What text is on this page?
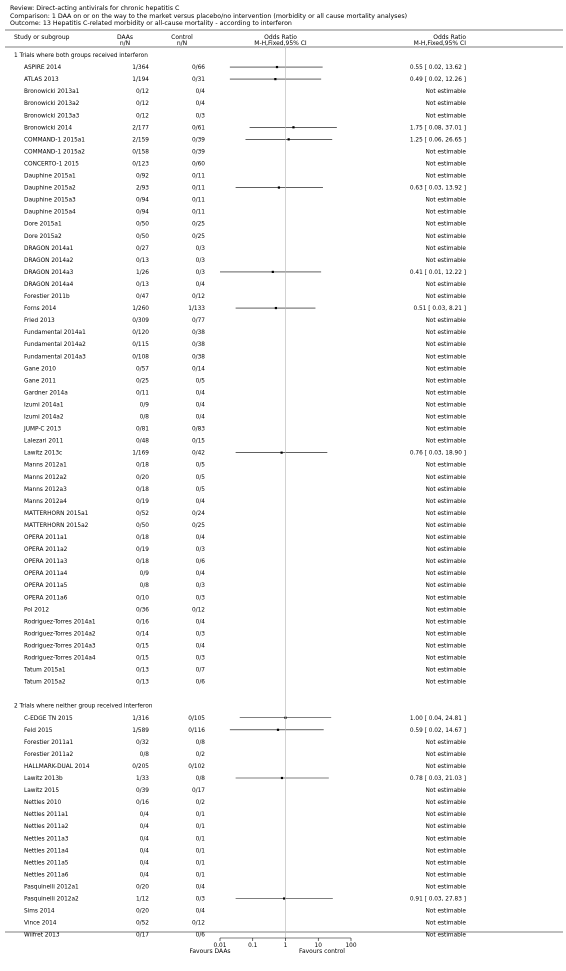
Review: Direct-acting antivirals for chronic hepatitis C
Comparison: 1 DAA on or on the way to the market versus placebo/no intervention (morbidity or all cause mortality analyses)
Outcome: 13 Hepatitis C-related morbidity or all-cause mortality - according to interferon
Study or subgroup	DAAs
n/N
Control
n/N
Odds Ratio
M-H,Fixed,95% CI
Odds Ratio
M-H,Fixed,95% CI
Favours DAAs	Favours control
1 Trials where both groups received interferon
ASPIRE 2014	1/364	0/66	0.55 [ 0.02, 13.62 ]
ATLAS 2013	1/194	0/31	0.49 [ 0.02, 12.26 ]
Bronowicki 2013a1	0/12	0/4	Not estimable
Bronowicki 2013a2	0/12	0/4	Not estimable
Bronowicki 2013a3	0/12	0/3	Not estimable
Bronowicki 2014	2/177	0/61	1.75 [ 0.08, 37.01 ]
COMMAND-1 2015a1	2/159	0/39	1.25 [ 0.06, 26.65 ]
COMMAND-1 2015a2	0/158	0/39	Not estimable
CONCERTO-1 2015	0/123	0/60	Not estimable
Dauphine 2015a1	0/92	0/11	Not estimable
Dauphine 2015a2	2/93	0/11	0.63 [ 0.03, 13.92 ]
Dauphine 2015a3	0/94	0/11	Not estimable
Dauphine 2015a4	0/94	0/11	Not estimable
Dore 2015a1	0/50	0/25	Not estimable
Dore 2015a2	0/50	0/25	Not estimable
DRAGON 2014a1	0/27	0/3	Not estimable
DRAGON 2014a2	0/13	0/3	Not estimable
DRAGON 2014a3	1/26	0/3	0.41 [ 0.01, 12.22 ]
DRAGON 2014a4	0/13	0/4	Not estimable
Forestier 2011b	0/47	0/12	Not estimable
Forns 2014	1/260	1/133	0.51 [ 0.03, 8.21 ]
Fried 2013	0/309	0/77	Not estimable
Fundamental 2014a1	0/120	0/38	Not estimable
Fundamental 2014a2	0/115	0/38	Not estimable
Fundamental 2014a3	0/108	0/38	Not estimable
Gane 2010	0/57	0/14	Not estimable
Gane 2011	0/25	0/5	Not estimable
Gardner 2014a	0/11	0/4	Not estimable
Izumi 2014a1	0/9	0/4	Not estimable
Izumi 2014a2	0/8	0/4	Not estimable
JUMP-C 2013	0/81	0/83	Not estimable
Lalezari 2011	0/48	0/15	Not estimable
Lawitz 2013c	1/169	0/42	0.76 [ 0.03, 18.90 ]
Manns 2012a1	0/18	0/5	Not estimable
Manns 2012a2	0/20	0/5	Not estimable
Manns 2012a3	0/18	0/5	Not estimable
Manns 2012a4	0/19	0/4	Not estimable
MATTERHORN 2015a1	0/52	0/24	Not estimable
MATTERHORN 2015a2	0/50	0/25	Not estimable
OPERA 2011a1	0/18	0/4	Not estimable
OPERA 2011a2	0/19	0/3	Not estimable
OPERA 2011a3	0/18	0/6	Not estimable
OPERA 2011a4	0/9	0/4	Not estimable
OPERA 2011a5	0/8	0/3	Not estimable
OPERA 2011a6	0/10	0/3	Not estimable
Pol 2012	0/36	0/12	Not estimable
Rodriguez-Torres 2014a1	0/16	0/4	Not estimable
Rodriguez-Torres 2014a2	0/14	0/3	Not estimable
Rodriguez-Torres 2014a3	0/15	0/4	Not estimable
Rodriguez-Torres 2014a4	0/15	0/3	Not estimable
Tatum 2015a1	0/13	0/7	Not estimable
Tatum 2015a2	0/13	0/6	Not estimable
2 Trials where neither group received interferon
C-EDGE TN 2015	1/316	0/105	1.00 [ 0.04, 24.81 ]
Feld 2015	1/589	0/116	0.59 [ 0.02, 14.67 ]
Forestier 2011a1	0/32	0/8	Not estimable
Forestier 2011a2	0/8	0/2	Not estimable
HALLMARK-DUAL 2014	0/205	0/102	Not estimable
Lawitz 2013b	1/33	0/8	0.78 [ 0.03, 21.03 ]
Lawitz 2015	0/39	0/17	Not estimable
Nettles 2010	0/16	0/2	Not estimable
Nettles 2011a1	0/4	0/1	Not estimable
Nettles 2011a2	0/4	0/1	Not estimable
Nettles 2011a3	0/4	0/1	Not estimable
Nettles 2011a4	0/4	0/1	Not estimable
Nettles 2011a5	0/4	0/1	Not estimable
Nettles 2011a6	0/4	0/1	Not estimable
Pasquinelli 2012a1	0/20	0/4	Not estimable
Pasquinelli 2012a2	1/12	0/3	0.91 [ 0.03, 27.83 ]
Sims 2014	0/20	0/4	Not estimable
Vince 2014	0/52	0/12	Not estimable
Wilfret 2013	0/17	0/6	Not estimable
0.01	0.1	1	10	100
